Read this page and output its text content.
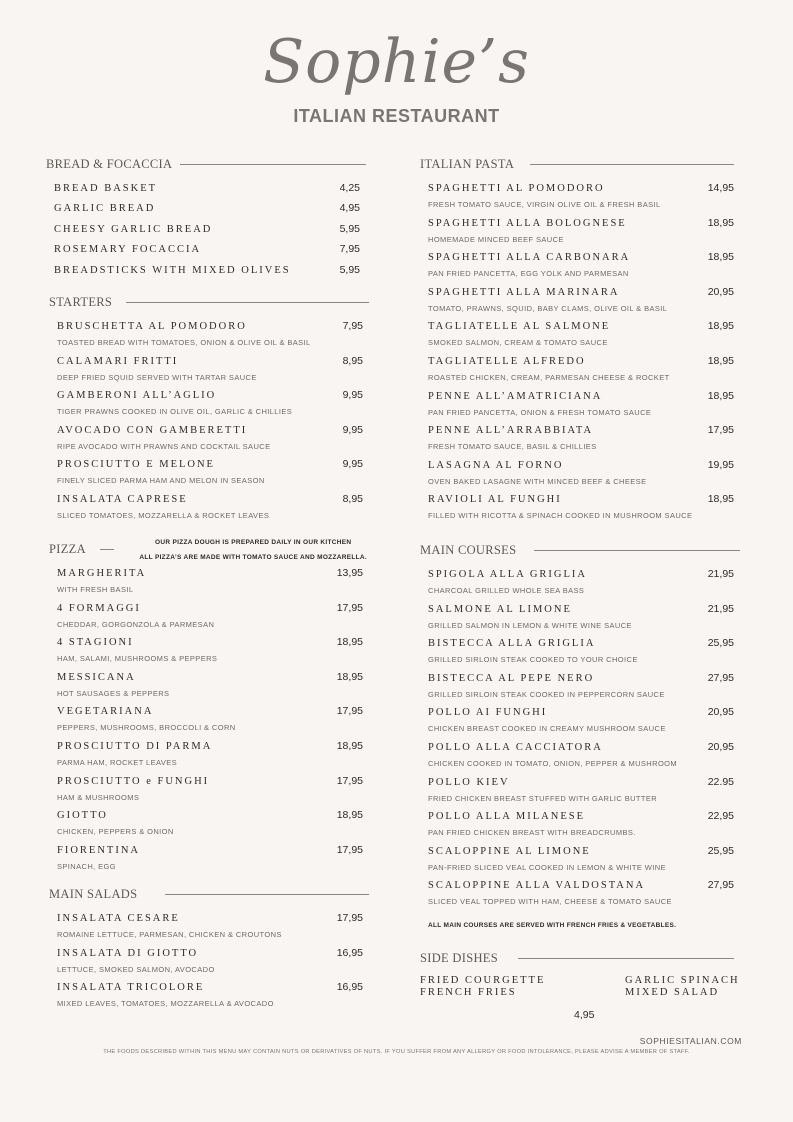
Sophie’s
ITALIAN RESTAURANT
BREAD & FOCACCIA
BREAD BASKET	4,25
GARLIC BREAD	4,95
CHEESY GARLIC BREAD	5,95
ROSEMARY FOCACCIA	7,95
BREADSTICKS WITH MIXED OLIVES	5,95
STARTERS
BRUSCHETTA AL POMODORO	7,95
TOASTED BREAD WITH TOMATOES, ONION & OLIVE OIL & BASIL
CALAMARI FRITTI	8,95
DEEP FRIED SQUID SERVED WITH TARTAR SAUCE
GAMBERONI ALL’AGLIO	9,95
TIGER PRAWNS COOKED IN OLIVE OIL, GARLIC & CHILLIES
AVOCADO CON GAMBERETTI	9,95
RIPE AVOCADO WITH PRAWNS AND COCKTAIL SAUCE
PROSCIUTTO E MELONE	9,95
FINELY SLICED PARMA HAM AND MELON IN SEASON
INSALATA CAPRESE	8,95
SLICED TOMATOES, MOZZARELLA & ROCKET LEAVES
PIZZA	OUR PIZZA DOUGH IS PREPARED DAILY IN OUR KITCHEN
ALL PIZZA’S ARE MADE WITH TOMATO SAUCE AND MOZZARELLA.
MARGHERITA	13,95
WITH FRESH BASIL
4 FORMAGGI	17,95
CHEDDAR, GORGONZOLA & PARMESAN
4 STAGIONI	18,95
HAM, SALAMI, MUSHROOMS & PEPPERS
MESSICANA	18,95
HOT SAUSAGES & PEPPERS
VEGETARIANA	17,95
PEPPERS, MUSHROOMS, BROCCOLI & CORN
PROSCIUTTO DI PARMA	18,95
PARMA HAM, ROCKET LEAVES
PROSCIUTTO e FUNGHI	17,95
HAM & MUSHROOMS
GIOTTO	18,95
CHICKEN, PEPPERS & ONION
FIORENTINA	17,95
SPINACH, EGG
MAIN SALADS
INSALATA CESARE	17,95
ROMAINE LETTUCE, PARMESAN, CHICKEN & CROUTONS
INSALATA DI GIOTTO	16,95
LETTUCE, SMOKED SALMON, AVOCADO
INSALATA TRICOLORE	16,95
MIXED LEAVES, TOMATOES, MOZZARELLA & AVOCADO
ITALIAN PASTA
SPAGHETTI AL POMODORO	14,95
FRESH TOMATO SAUCE, VIRGIN OLIVE OIL & FRESH BASIL
SPAGHETTI ALLA BOLOGNESE	18,95
HOMEMADE MINCED BEEF SAUCE
SPAGHETTI ALLA CARBONARA	18,95
PAN FRIED PANCETTA, EGG YOLK AND PARMESAN
SPAGHETTI ALLA MARINARA	20,95
TOMATO, PRAWNS, SQUID, BABY CLAMS, OLIVE OIL & BASIL
TAGLIATELLE AL SALMONE	18,95
SMOKED SALMON, CREAM & TOMATO SAUCE
TAGLIATELLE ALFREDO	18,95
ROASTED CHICKEN, CREAM, PARMESAN CHEESE & ROCKET
PENNE ALL’AMATRICIANA	18,95
PAN FRIED PANCETTA, ONION & FRESH TOMATO SAUCE
PENNE ALL’ARRABBIATA	17,95
FRESH TOMATO SAUCE, BASIL & CHILLIES
LASAGNA AL FORNO	19,95
OVEN BAKED LASAGNE WITH MINCED BEEF & CHEESE
RAVIOLI AL FUNGHI	18,95
FILLED WITH RICOTTA & SPINACH COOKED IN MUSHROOM SAUCE
MAIN COURSES
SPIGOLA ALLA GRIGLIA	21,95
CHARCOAL GRILLED WHOLE SEA BASS
SALMONE AL LIMONE	21,95
GRILLED SALMON IN LEMON & WHITE WINE SAUCE
BISTECCA ALLA GRIGLIA	25,95
GRILLED SIRLOIN STEAK COOKED TO YOUR CHOICE
BISTECCA AL PEPE NERO	27,95
GRILLED SIRLOIN STEAK COOKED IN PEPPERCORN SAUCE
POLLO AI FUNGHI	20,95
CHICKEN BREAST COOKED IN CREAMY MUSHROOM SAUCE
POLLO ALLA CACCIATORA	20,95
CHICKEN COOKED IN TOMATO, ONION, PEPPER & MUSHROOM
POLLO KIEV	22.95
FRIED CHICKEN BREAST STUFFED WITH GARLIC BUTTER
POLLO ALLA MILANESE	22,95
PAN FRIED CHICKEN BREAST WITH BREADCRUMBS.
SCALOPPINE AL LIMONE	25,95
PAN-FRIED SLICED VEAL COOKED IN LEMON & WHITE WINE
SCALOPPINE ALLA VALDOSTANA	27,95
SLICED VEAL TOPPED WITH HAM, CHEESE & TOMATO SAUCE
ALL MAIN COURSES ARE SERVED WITH FRENCH FRIES & VEGETABLES.
SIDE DISHES
FRIED COURGETTE
FRENCH FRIES
GARLIC SPINACH
MIXED SALAD
4,95
SOPHIESITALIAN.COM
THE FOODS DESCRIBED WITHIN THIS MENU MAY CONTAIN NUTS OR DERIVATIVES OF NUTS. IF YOU SUFFER FROM ANY ALLERGY OR FOOD INTOLERANCE, PLEASE ADVISE A MEMBER OF STAFF.
